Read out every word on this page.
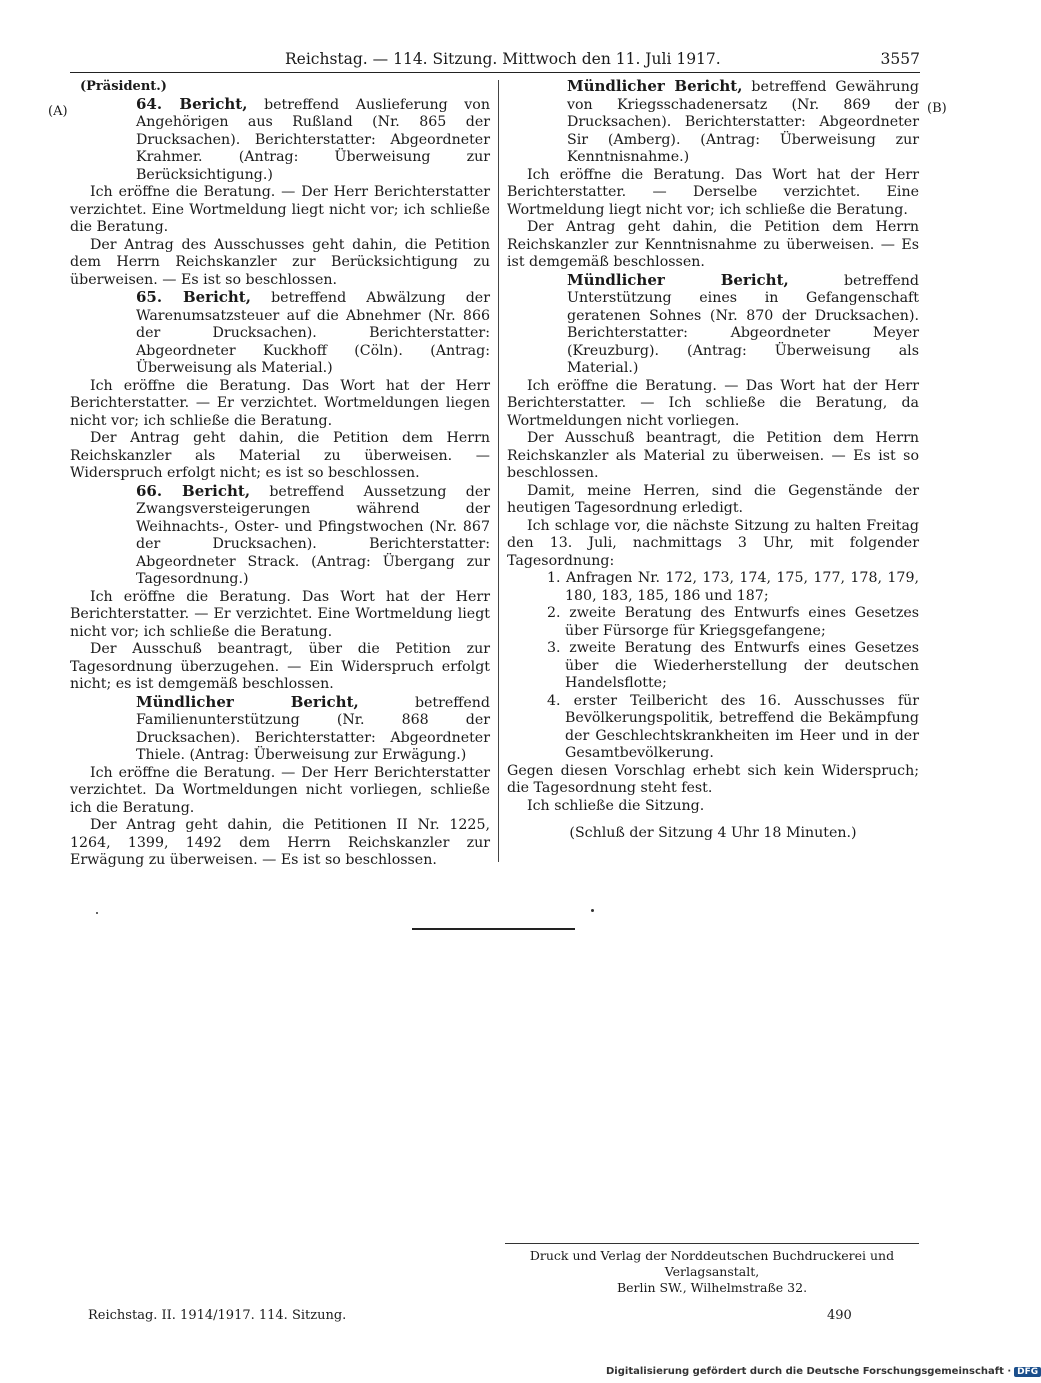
Reichstag. — 114. Sitzung. Mittwoch den 11. Juli 1917.	3557
(A)	(B)

(Präsident.)

64. Bericht, betreffend Auslieferung von Angehörigen aus Rußland (Nr. 865 der Drucksachen). Berichterstatter: Abgeordneter Krahmer. (Antrag: Überweisung zur Berücksichtigung.)

Ich eröffne die Beratung. — Der Herr Berichterstatter verzichtet. Eine Wortmeldung liegt nicht vor; ich schließe die Beratung.

Der Antrag des Ausschusses geht dahin, die Petition dem Herrn Reichskanzler zur Berücksichtigung zu überweisen. — Es ist so beschlossen.

65. Bericht, betreffend Abwälzung der Warenumsatzsteuer auf die Abnehmer (Nr. 866 der Drucksachen). Berichterstatter: Abgeordneter Kuckhoff (Cöln). (Antrag: Überweisung als Material.)

Ich eröffne die Beratung. Das Wort hat der Herr Berichterstatter. — Er verzichtet. Wortmeldungen liegen nicht vor; ich schließe die Beratung.

Der Antrag geht dahin, die Petition dem Herrn Reichskanzler als Material zu überweisen. — Widerspruch erfolgt nicht; es ist so beschlossen.

66. Bericht, betreffend Aussetzung der Zwangsversteigerungen während der Weihnachts-, Oster- und Pfingstwochen (Nr. 867 der Drucksachen). Berichterstatter: Abgeordneter Strack. (Antrag: Übergang zur Tagesordnung.)

Ich eröffne die Beratung. Das Wort hat der Herr Berichterstatter. — Er verzichtet. Eine Wortmeldung liegt nicht vor; ich schließe die Beratung.

Der Ausschuß beantragt, über die Petition zur Tagesordnung überzugehen. — Ein Widerspruch erfolgt nicht; es ist demgemäß beschlossen.

Mündlicher Bericht, betreffend Familienunterstützung (Nr. 868 der Drucksachen). Berichterstatter: Abgeordneter Thiele. (Antrag: Überweisung zur Erwägung.)

Ich eröffne die Beratung. — Der Herr Berichterstatter verzichtet. Da Wortmeldungen nicht vorliegen, schließe ich die Beratung.

Der Antrag geht dahin, die Petitionen II Nr. 1225, 1264, 1399, 1492 dem Herrn Reichskanzler zur Erwägung zu überweisen. — Es ist so beschlossen.

Mündlicher Bericht, betreffend Gewährung von Kriegsschadenersatz (Nr. 869 der Drucksachen). Berichterstatter: Abgeordneter Sir (Amberg). (Antrag: Überweisung zur Kenntnisnahme.)

Ich eröffne die Beratung. Das Wort hat der Herr Berichterstatter. — Derselbe verzichtet. Eine Wortmeldung liegt nicht vor; ich schließe die Beratung.

Der Antrag geht dahin, die Petition dem Herrn Reichskanzler zur Kenntnisnahme zu überweisen. — Es ist demgemäß beschlossen.

Mündlicher Bericht, betreffend Unterstützung eines in Gefangenschaft geratenen Sohnes (Nr. 870 der Drucksachen). Berichterstatter: Abgeordneter Meyer (Kreuzburg). (Antrag: Überweisung als Material.)

Ich eröffne die Beratung. — Das Wort hat der Herr Berichterstatter. — Ich schließe die Beratung, da Wortmeldungen nicht vorliegen.

Der Ausschuß beantragt, die Petition dem Herrn Reichskanzler als Material zu überweisen. — Es ist so beschlossen.

Damit, meine Herren, sind die Gegenstände der heutigen Tagesordnung erledigt.

Ich schlage vor, die nächste Sitzung zu halten Freitag den 13. Juli, nachmittags 3 Uhr, mit folgender Tagesordnung:

1. Anfragen Nr. 172, 173, 174, 175, 177, 178, 179, 180, 183, 185, 186 und 187;

2. zweite Beratung des Entwurfs eines Gesetzes über Fürsorge für Kriegsgefangene;

3. zweite Beratung des Entwurfs eines Gesetzes über die Wiederherstellung der deutschen Handelsflotte;

4. erster Teilbericht des 16. Ausschusses für Bevölkerungspolitik, betreffend die Bekämpfung der Geschlechtskrankheiten im Heer und in der Gesamtbevölkerung.

Gegen diesen Vorschlag erhebt sich kein Widerspruch; die Tagesordnung steht fest.

Ich schließe die Sitzung.

(Schluß der Sitzung 4 Uhr 18 Minuten.)

Druck und Verlag der Norddeutschen Buchdruckerei und Verlagsanstalt,
Berlin SW., Wilhelmstraße 32.
Reichstag. II. 1914/1917. 114. Sitzung.	490
Digitalisierung gefördert durch die Deutsche Forschungsgemeinschaft · DFG
